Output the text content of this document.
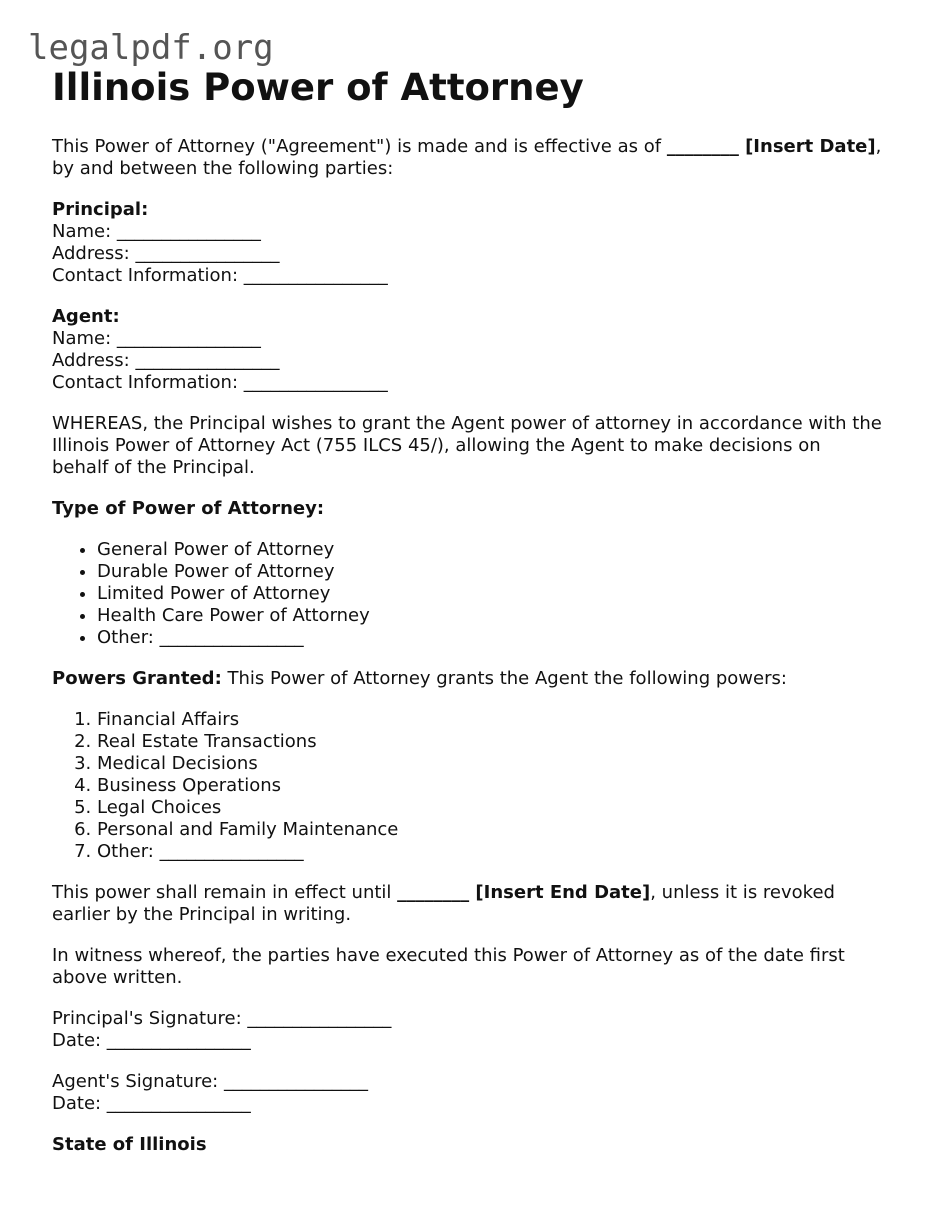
legalpdf.org
Illinois Power of Attorney

This Power of Attorney ("Agreement") is made and is effective as of ________ [Insert Date], by and between the following parties:

Principal:
Name: ________________
Address: ________________
Contact Information: ________________
Agent:
Name: ________________
Address: ________________
Contact Information: ________________

WHEREAS, the Principal wishes to grant the Agent power of attorney in accordance with the Illinois Power of Attorney Act (755 ILCS 45/), allowing the Agent to make decisions on behalf of the Principal.

Type of Power of Attorney:

• General Power of Attorney
• Durable Power of Attorney
• Limited Power of Attorney
• Health Care Power of Attorney
• Other: ________________

Powers Granted: This Power of Attorney grants the Agent the following powers:

1. Financial Affairs
2. Real Estate Transactions
3. Medical Decisions
4. Business Operations
5. Legal Choices
6. Personal and Family Maintenance
7. Other: ________________

This power shall remain in effect until ________ [Insert End Date], unless it is revoked earlier by the Principal in writing.

In witness whereof, the parties have executed this Power of Attorney as of the date first above written.

Principal's Signature: ________________
Date: ________________
Agent's Signature: ________________
Date: ________________

State of Illinois
